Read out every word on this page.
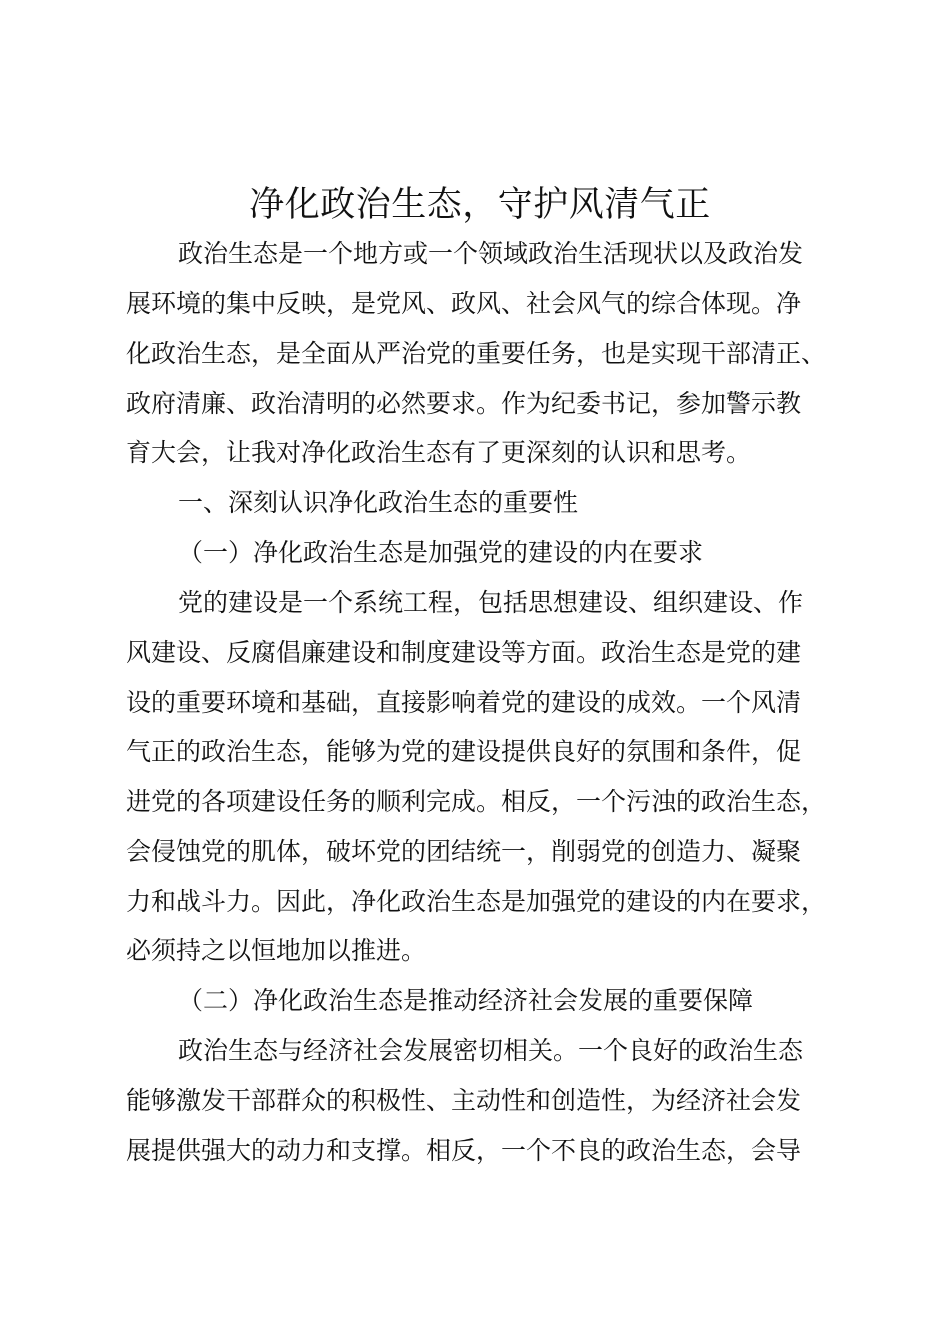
净化政治生态，守护风清气正

政治生态是一个地方或一个领域政治生活现状以及政治发

展环境的集中反映，是党风、政风、社会风气的综合体现。净

化政治生态，是全面从严治党的重要任务，也是实现干部清正、

政府清廉、政治清明的必然要求。作为纪委书记，参加警示教

育大会，让我对净化政治生态有了更深刻的认识和思考。

一、深刻认识净化政治生态的重要性

（一）净化政治生态是加强党的建设的内在要求

党的建设是一个系统工程，包括思想建设、组织建设、作

风建设、反腐倡廉建设和制度建设等方面。政治生态是党的建

设的重要环境和基础，直接影响着党的建设的成效。一个风清

气正的政治生态，能够为党的建设提供良好的氛围和条件，促

进党的各项建设任务的顺利完成。相反，一个污浊的政治生态，

会侵蚀党的肌体，破坏党的团结统一，削弱党的创造力、凝聚

力和战斗力。因此，净化政治生态是加强党的建设的内在要求，

必须持之以恒地加以推进。

（二）净化政治生态是推动经济社会发展的重要保障

政治生态与经济社会发展密切相关。一个良好的政治生态

能够激发干部群众的积极性、主动性和创造性，为经济社会发

展提供强大的动力和支撑。相反，一个不良的政治生态，会导
